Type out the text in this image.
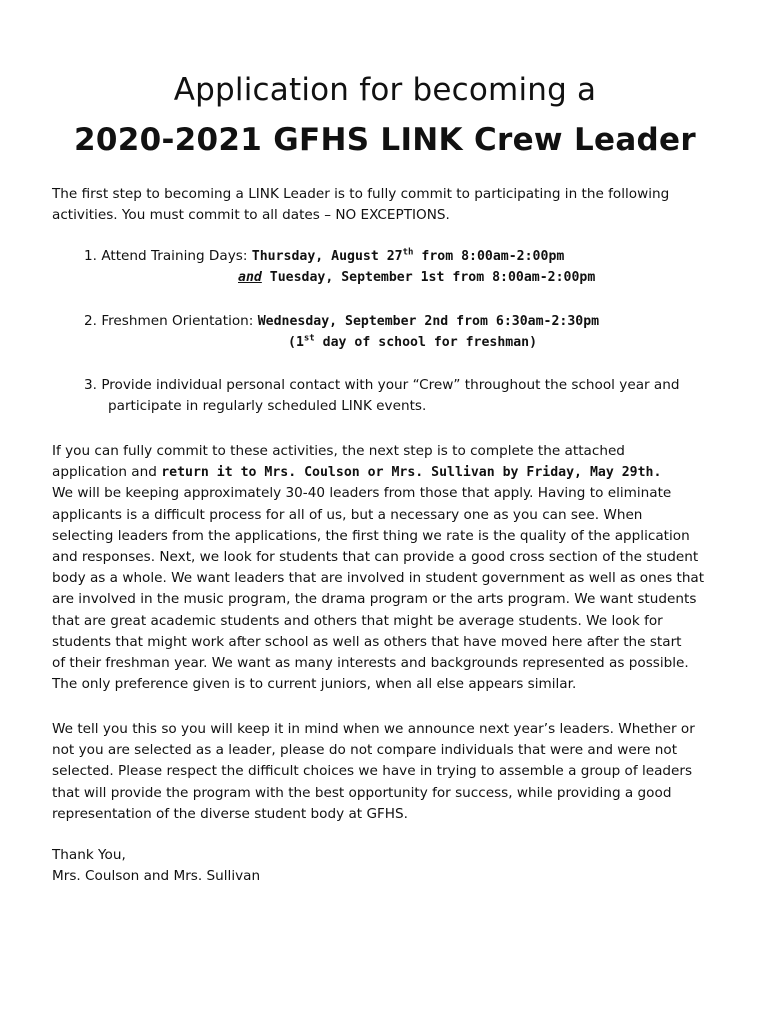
Application for becoming a
2020-2021 GFHS LINK Crew Leader
The first step to becoming a LINK Leader is to fully commit to participating in the following
activities. You must commit to all dates – NO EXCEPTIONS.
1. Attend Training Days: Thursday, August 27th from 8:00am-2:00pm
and Tuesday, September 1st from 8:00am-2:00pm
2. Freshmen Orientation: Wednesday, September 2nd from 6:30am-2:30pm
(1st day of school for freshman)
3. Provide individual personal contact with your “Crew” throughout the school year and
participate in regularly scheduled LINK events.
If you can fully commit to these activities, the next step is to complete the attached
application and return it to Mrs. Coulson or Mrs. Sullivan by Friday, May 29th.
We will be keeping approximately 30-40 leaders from those that apply. Having to eliminate
applicants is a difficult process for all of us, but a necessary one as you can see. When
selecting leaders from the applications, the first thing we rate is the quality of the application
and responses. Next, we look for students that can provide a good cross section of the student
body as a whole. We want leaders that are involved in student government as well as ones that
are involved in the music program, the drama program or the arts program. We want students
that are great academic students and others that might be average students. We look for
students that might work after school as well as others that have moved here after the start
of their freshman year. We want as many interests and backgrounds represented as possible.
The only preference given is to current juniors, when all else appears similar.
We tell you this so you will keep it in mind when we announce next year’s leaders. Whether or
not you are selected as a leader, please do not compare individuals that were and were not
selected. Please respect the difficult choices we have in trying to assemble a group of leaders
that will provide the program with the best opportunity for success, while providing a good
representation of the diverse student body at GFHS.
Thank You,
Mrs. Coulson and Mrs. Sullivan
